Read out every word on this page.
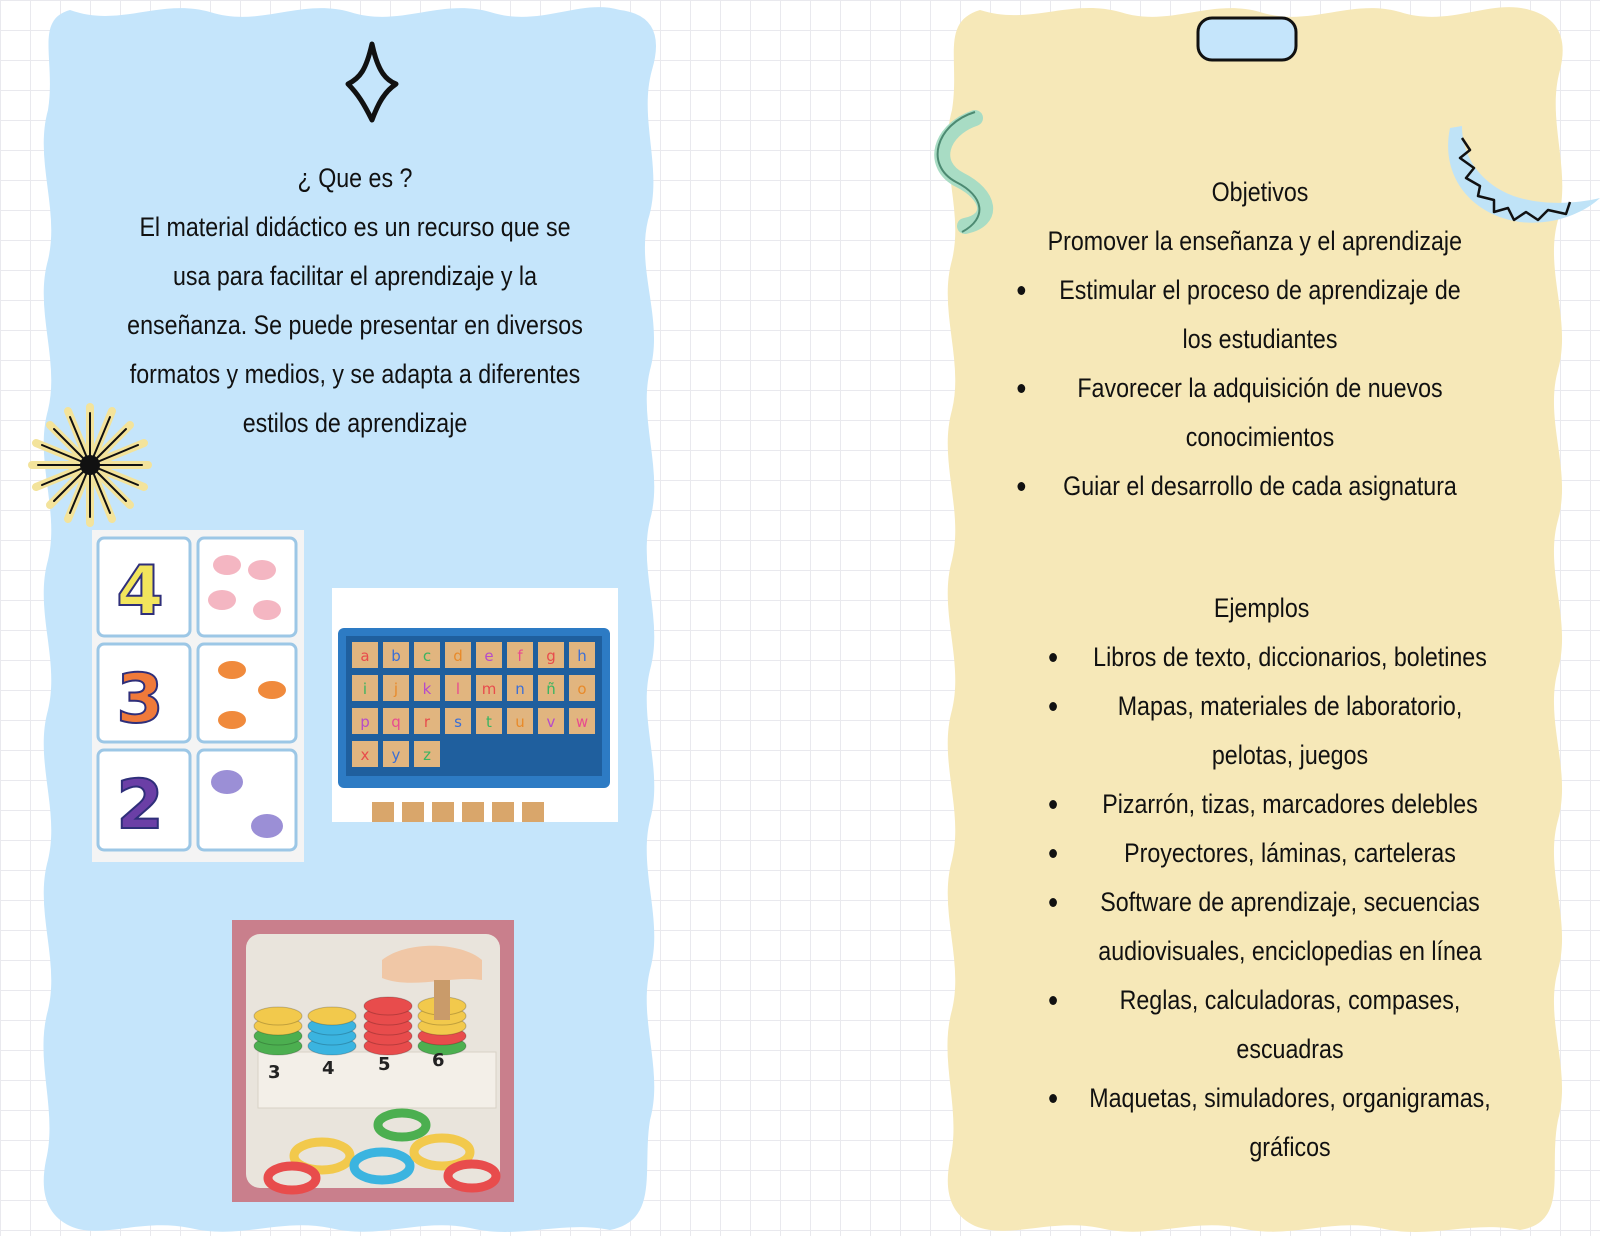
¿ Que es ?
El material didáctico es un recurso que se
usa para facilitar el aprendizaje y la
enseñanza. Se puede presentar en diversos
formatos y medios, y se adapta a diferentes
estilos de aprendizaje
4
3
2
a b c d e f g h
i j k l m n ñ o
p q r s t u v w
x y z
3 4 5 6
Objetivos
Promover la enseñanza y el aprendizaje
Estimular el proceso de aprendizaje de
los estudiantes
Favorecer la adquisición de nuevos
conocimientos
Guiar el desarrollo de cada asignatura
Ejemplos
Libros de texto, diccionarios, boletines
Mapas, materiales de laboratorio,
pelotas, juegos
Pizarrón, tizas, marcadores delebles
Proyectores, láminas, carteleras
Software de aprendizaje, secuencias
audiovisuales, enciclopedias en línea
Reglas, calculadoras, compases,
escuadras
Maquetas, simuladores, organigramas,
gráficos
